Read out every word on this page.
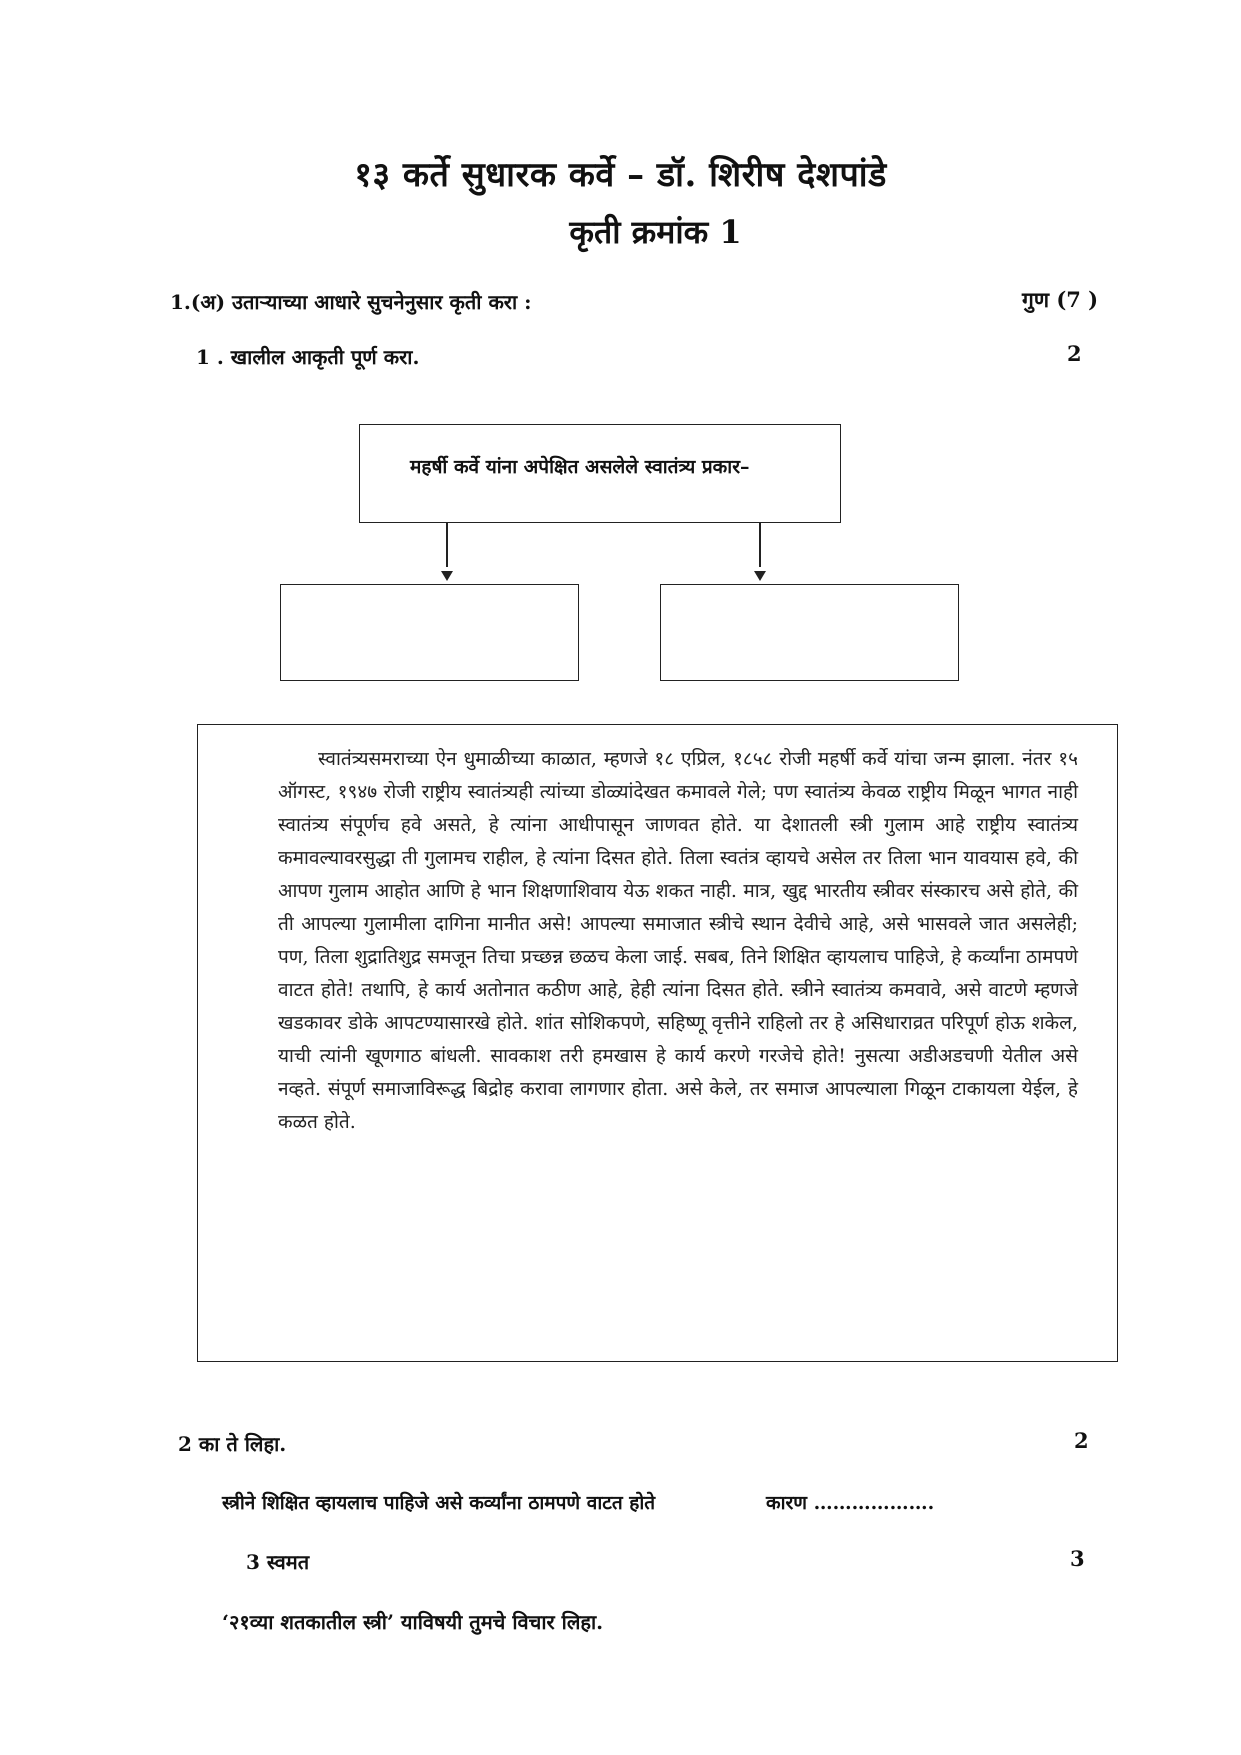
१३ कर्ते सुधारक कर्वे – डॉ. शिरीष देशपांडे
कृती क्रमांक 1
1.(अ) उताऱ्याच्या आधारे सुचनेनुसार कृती करा :	गुण (7 )
1 . खालील आकृती पूर्ण करा.	2
महर्षी कर्वे यांना अपेक्षित असलेले स्वातंत्र्य प्रकार–

स्वातंत्र्यसमराच्या ऐन धुमाळीच्या काळात, म्हणजे १८ एप्रिल, १८५८ रोजी महर्षी कर्वे यांचा जन्म झाला. नंतर १५ ऑगस्ट, १९४७ रोजी राष्ट्रीय स्वातंत्र्यही त्यांच्या डोळ्यांदेखत कमावले गेले; पण स्वातंत्र्य केवळ राष्ट्रीय मिळून भागत नाही स्वातंत्र्य संपूर्णच हवे असते, हे त्यांना आधीपासून जाणवत होते. या देशातली स्त्री गुलाम आहे राष्ट्रीय स्वातंत्र्य कमावल्यावरसुद्धा ती गुलामच राहील, हे त्यांना दिसत होते. तिला स्वतंत्र व्हायचे असेल तर तिला भान यावयास हवे, की आपण गुलाम आहोत आणि हे भान शिक्षणाशिवाय येऊ शकत नाही. मात्र, खुद्द भारतीय स्त्रीवर संस्कारच असे होते, की ती आपल्या गुलामीला दागिना मानीत असे! आपल्या समाजात स्त्रीचे स्थान देवीचे आहे, असे भासवले जात असलेही; पण, तिला शुद्रातिशुद्र समजून तिचा प्रच्छन्न छळच केला जाई. सबब, तिने शिक्षित व्हायलाच पाहिजे, हे कर्व्यांना ठामपणे वाटत होते! तथापि, हे कार्य अतोनात कठीण आहे, हेही त्यांना दिसत होते. स्त्रीने स्वातंत्र्य कमवावे, असे वाटणे म्हणजे खडकावर डोके आपटण्यासारखे होते. शांत सोशिकपणे, सहिष्णू वृत्तीने राहिलो तर हे असिधाराव्रत परिपूर्ण होऊ शकेल, याची त्यांनी खूणगाठ बांधली. सावकाश तरी हमखास हे कार्य करणे गरजेचे होते! नुसत्या अडीअडचणी येतील असे नव्हते. संपूर्ण समाजाविरूद्ध बिद्रोह करावा लागणार होता. असे केले, तर समाज आपल्याला गिळून टाकायला येईल, हे कळत होते.

2 का ते लिहा.	2
स्त्रीने शिक्षित व्हायलाच पाहिजे असे कर्व्यांना ठामपणे वाटत होते	कारण ……………….
3 स्वमत	3
‘२१व्या शतकातील स्त्री’ याविषयी तुमचे विचार लिहा.
